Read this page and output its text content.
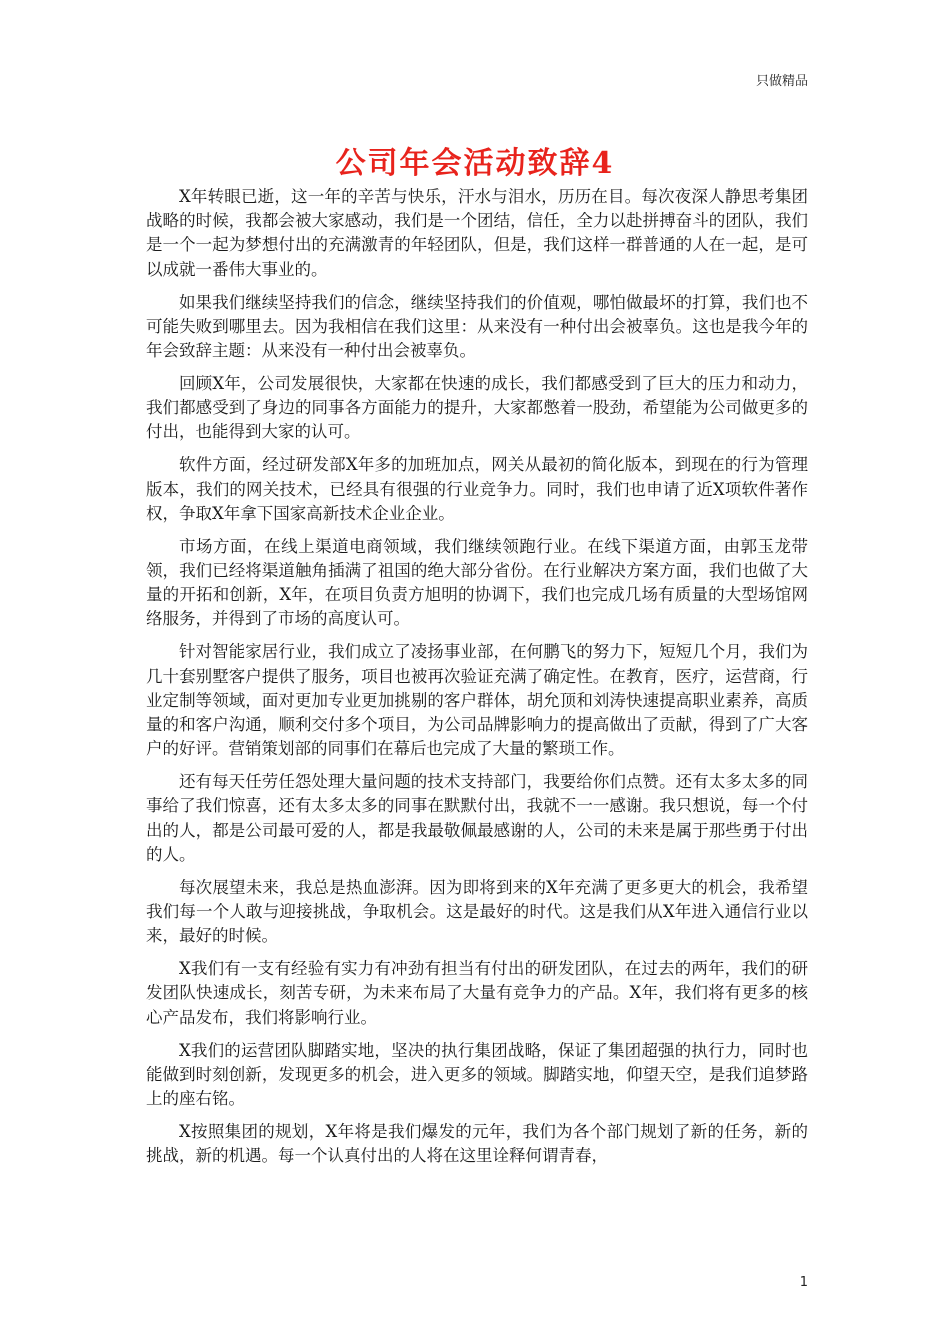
只做精品
公司年会活动致辞4

X年转眼已逝，这一年的辛苦与快乐，汗水与泪水，历历在目。每次夜深人静思考集团战略的时候，我都会被大家感动，我们是一个团结，信任，全力以赴拼搏奋斗的团队，我们是一个一起为梦想付出的充满激青的年轻团队，但是，我们这样一群普通的人在一起，是可以成就一番伟大事业的。

如果我们继续坚持我们的信念，继续坚持我们的价值观，哪怕做最坏的打算，我们也不可能失败到哪里去。因为我相信在我们这里：从来没有一种付出会被辜负。这也是我今年的年会致辞主题：从来没有一种付出会被辜负。

回顾X年，公司发展很快，大家都在快速的成长，我们都感受到了巨大的压力和动力，我们都感受到了身边的同事各方面能力的提升，大家都憋着一股劲，希望能为公司做更多的付出，也能得到大家的认可。

软件方面，经过研发部X年多的加班加点，网关从最初的简化版本，到现在的行为管理版本，我们的网关技术，已经具有很强的行业竞争力。同时，我们也申请了近X项软件著作权，争取X年拿下国家高新技术企业企业。

市场方面，在线上渠道电商领域，我们继续领跑行业。在线下渠道方面，由郭玉龙带领，我们已经将渠道触角插满了祖国的绝大部分省份。在行业解决方案方面，我们也做了大量的开拓和创新，X年，在项目负责方旭明的协调下，我们也完成几场有质量的大型场馆网络服务，并得到了市场的高度认可。

针对智能家居行业，我们成立了凌扬事业部，在何鹏飞的努力下，短短几个月，我们为几十套别墅客户提供了服务，项目也被再次验证充满了确定性。在教育，医疗，运营商，行业定制等领域，面对更加专业更加挑剔的客户群体，胡允顶和刘涛快速提高职业素养，高质量的和客户沟通，顺利交付多个项目，为公司品牌影响力的提高做出了贡献，得到了广大客户的好评。营销策划部的同事们在幕后也完成了大量的繁琐工作。

还有每天任劳任怨处理大量问题的技术支持部门，我要给你们点赞。还有太多太多的同事给了我们惊喜，还有太多太多的同事在默默付出，我就不一一感谢。我只想说，每一个付出的人，都是公司最可爱的人，都是我最敬佩最感谢的人，公司的未来是属于那些勇于付出的人。

每次展望未来，我总是热血澎湃。因为即将到来的X年充满了更多更大的机会，我希望我们每一个人敢与迎接挑战，争取机会。这是最好的时代。这是我们从X年进入通信行业以来，最好的时候。

X我们有一支有经验有实力有冲劲有担当有付出的研发团队，在过去的两年，我们的研发团队快速成长，刻苦专研，为未来布局了大量有竞争力的产品。X年，我们将有更多的核心产品发布，我们将影响行业。

X我们的运营团队脚踏实地，坚决的执行集团战略，保证了集团超强的执行力，同时也能做到时刻创新，发现更多的机会，进入更多的领域。脚踏实地，仰望天空，是我们追梦路上的座右铭。

X按照集团的规划，X年将是我们爆发的元年，我们为各个部门规划了新的任务，新的挑战，新的机遇。每一个认真付出的人将在这里诠释何谓青春，

1
